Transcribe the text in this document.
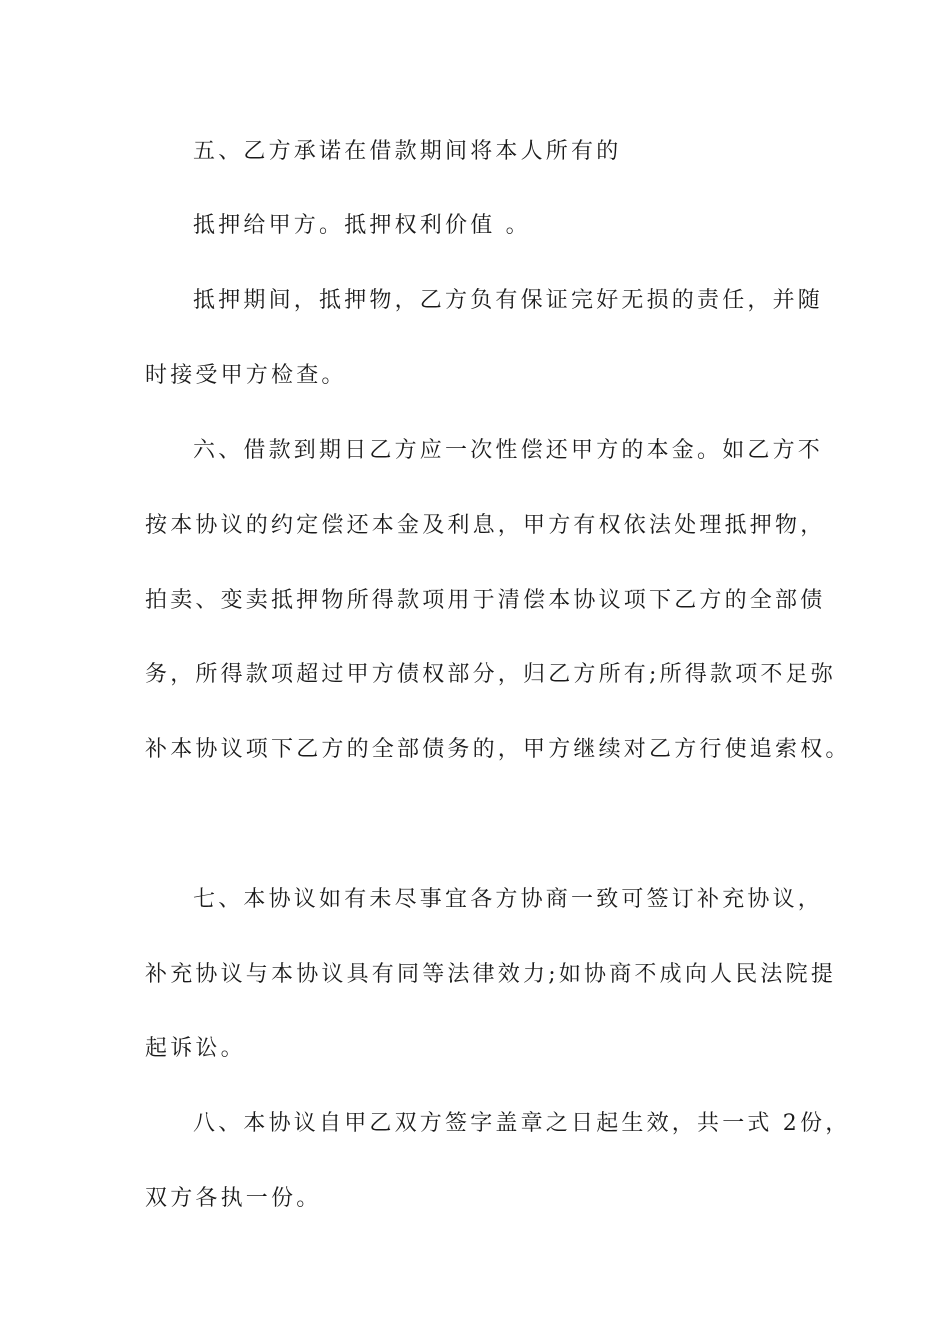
五、乙方承诺在借款期间将本人所有的
抵押给甲方。抵押权利价值 。
抵押期间，抵押物，乙方负有保证完好无损的责任，并随
时接受甲方检查。
六、借款到期日乙方应一次性偿还甲方的本金。如乙方不
按本协议的约定偿还本金及利息，甲方有权依法处理抵押物，
拍卖、变卖抵押物所得款项用于清偿本协议项下乙方的全部债
务，所得款项超过甲方债权部分，归乙方所有;所得款项不足弥
补本协议项下乙方的全部债务的，甲方继续对乙方行使追索权。
七、本协议如有未尽事宜各方协商一致可签订补充协议，
补充协议与本协议具有同等法律效力;如协商不成向人民法院提
起诉讼。
八、本协议自甲乙双方签字盖章之日起生效，共一式 2份，
双方各执一份。
